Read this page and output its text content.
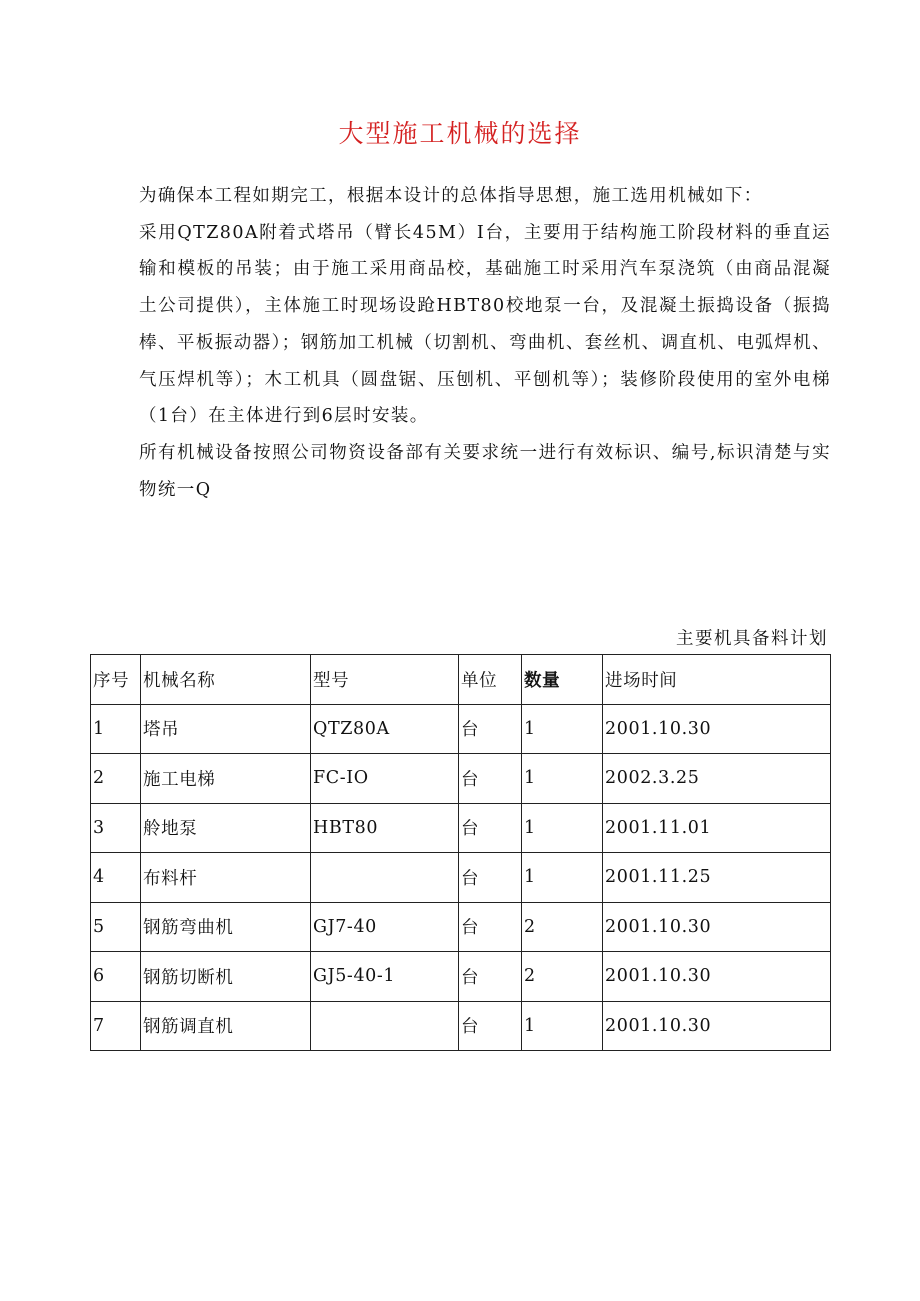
大型施工机械的选择

为确保本工程如期完工，根据本设计的总体指导思想，施工选用机械如下：

采用QTZ80A附着式塔吊（臂长45M）I台，主要用于结构施工阶段材料的垂直运输和模板的吊装；由于施工采用商品校，基础施工时采用汽车泵浇筑（由商品混凝土公司提供），主体施工时现场设跄HBT80校地泵一台，及混凝土振捣设备（振捣棒、平板振动器）；钢筋加工机械（切割机、弯曲机、套丝机、调直机、电弧焊机、气压焊机等）；木工机具（圆盘锯、压刨机、平刨机等）；装修阶段使用的室外电梯（1台）在主体进行到6层时安装。

所有机械设备按照公司物资设备部有关要求统一进行有效标识、编号,标识清楚与实物统一Q

主要机具备料计划
序号	机械名称	型号	单位	数量	进场时间
1	塔吊	QTZ80A	台	1	2001.10.30
2	施工电梯	FC-IO	台	1	2002.3.25
3	舲地泵	HBT80	台	1	2001.11.01
4	布料杆		台	1	2001.11.25
5	钢筋弯曲机	GJ7-40	台	2	2001.10.30
6	钢筋切断机	GJ5-40-1	台	2	2001.10.30
7	钢筋调直机		台	1	2001.10.30
